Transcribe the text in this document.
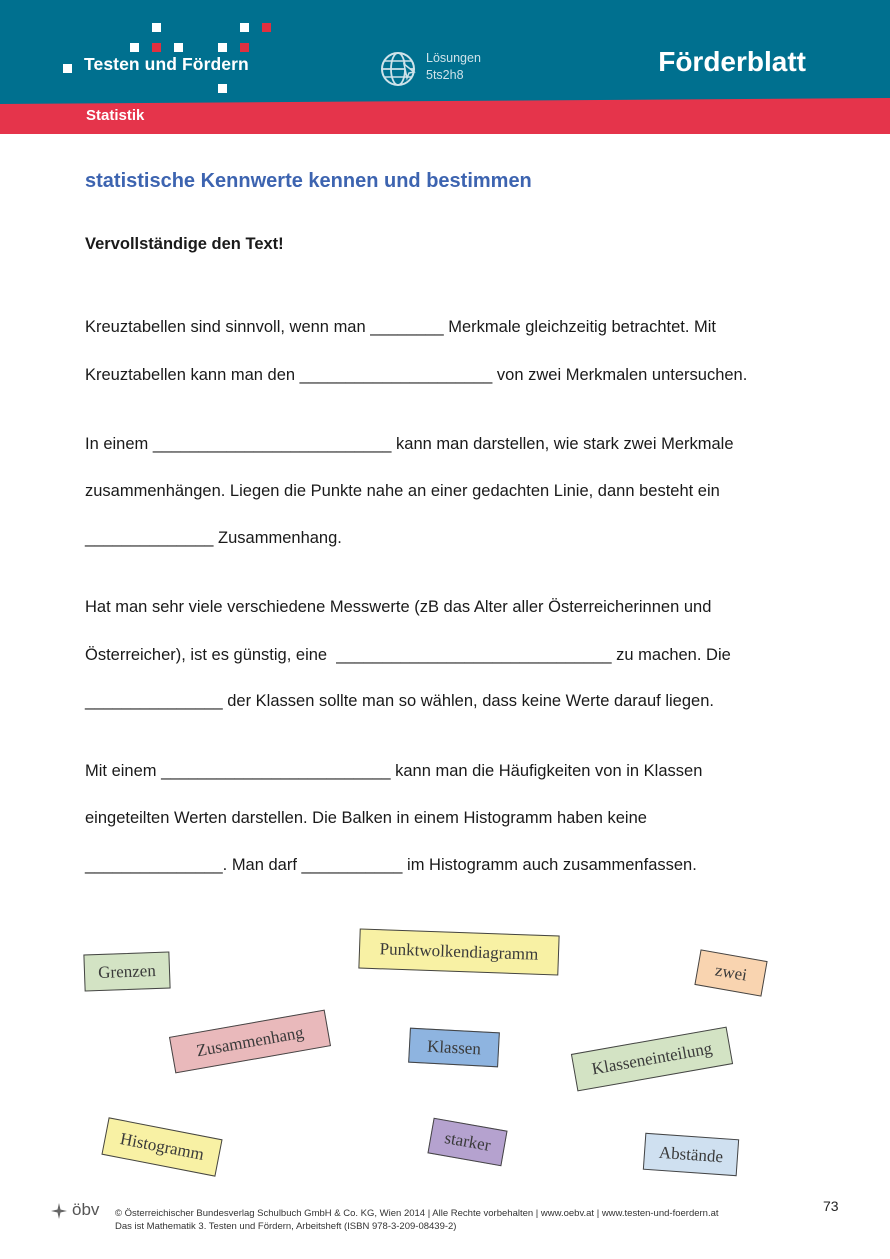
Testen und Fördern	Lösungen
5ts2h8	Förderblatt
Statistik
statistische Kennwerte kennen und bestimmen
Vervollständige den Text!
Kreuztabellen sind sinnvoll, wenn man ________ Merkmale gleichzeitig betrachtet. Mit
Kreuztabellen kann man den _____________________ von zwei Merkmalen untersuchen.
In einem __________________________ kann man darstellen, wie stark zwei Merkmale
zusammenhängen. Liegen die Punkte nahe an einer gedachten Linie, dann besteht ein
______________ Zusammenhang.
Hat man sehr viele verschiedene Messwerte (zB das Alter aller Österreicherinnen und
Österreicher), ist es günstig, eine  ______________________________ zu machen. Die
_______________ der Klassen sollte man so wählen, dass keine Werte darauf liegen.
Mit einem _________________________ kann man die Häufigkeiten von in Klassen
eingeteilten Werten darstellen. Die Balken in einem Histogramm haben keine
_______________. Man darf ___________ im Histogramm auch zusammenfassen.
Grenzen
Punktwolkendiagramm
zwei
Zusammenhang	Klassen	Klasseneinteilung
Histogramm	starker	Abstände
öbv © Österreichischer Bundesverlag Schulbuch GmbH & Co. KG, Wien 2014 | Alle Rechte vorbehalten | www.oebv.at | www.testen-und-foerdern.at
Das ist Mathematik 3. Testen und Fördern, Arbeitsheft (ISBN 978-3-209-08439-2)
73
